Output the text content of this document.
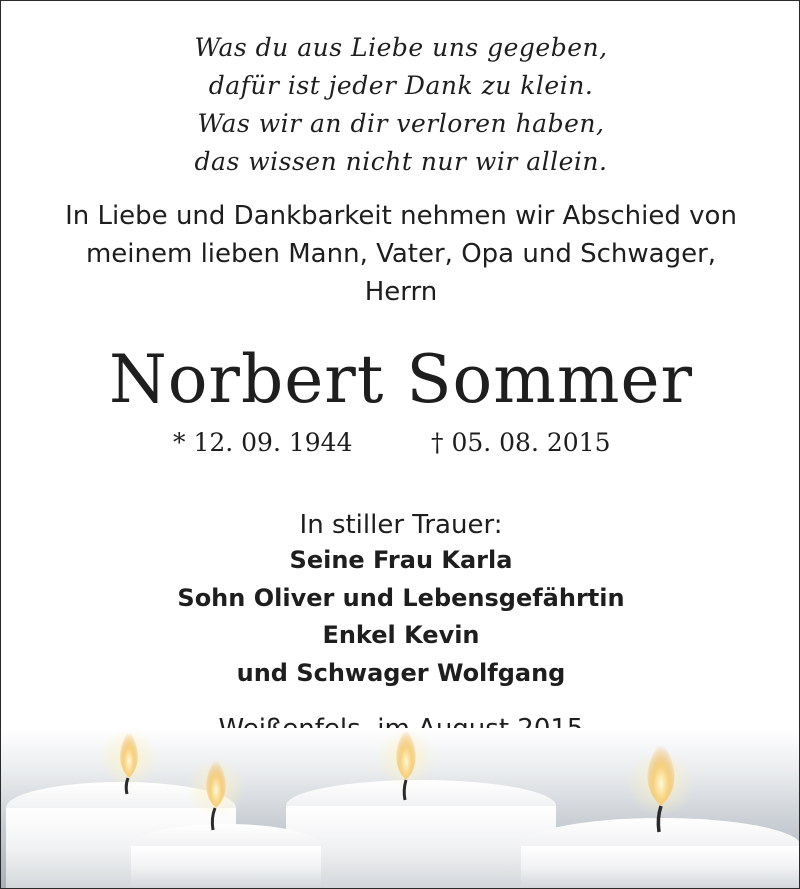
Was du aus Liebe uns gegeben,
dafür ist jeder Dank zu klein.
Was wir an dir verloren haben,
das wissen nicht nur wir allein.
In Liebe und Dankbarkeit nehmen wir Abschied von
meinem lieben Mann, Vater, Opa und Schwager,
Herrn
Norbert Sommer
* 12. 09. 1944	† 05. 08. 2015
In stiller Trauer:
Seine Frau Karla
Sohn Oliver und Lebensgefährtin
Enkel Kevin
und Schwager Wolfgang
